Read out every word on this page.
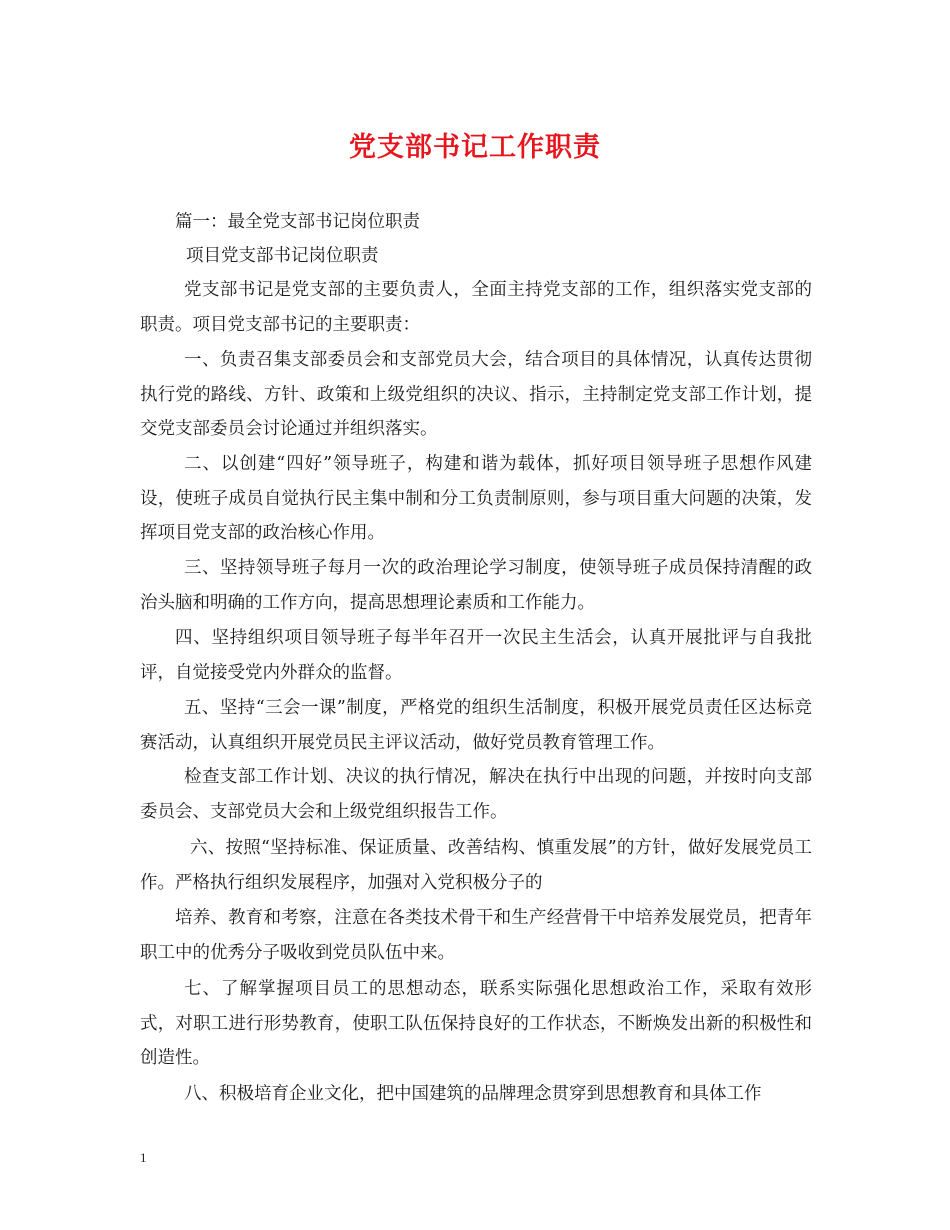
党支部书记工作职责
篇一：最全党支部书记岗位职责
项目党支部书记岗位职责
党支部书记是党支部的主要负责人，全面主持党支部的工作，组织落实党支部的职责。项目党支部书记的主要职责：
一、负责召集支部委员会和支部党员大会，结合项目的具体情况，认真传达贯彻执行党的路线、方针、政策和上级党组织的决议、指示，主持制定党支部工作计划，提交党支部委员会讨论通过并组织落实。
二、以创建“四好”领导班子，构建和谐为载体，抓好项目领导班子思想作风建设，使班子成员自觉执行民主集中制和分工负责制原则，参与项目重大问题的决策，发挥项目党支部的政治核心作用。
三、坚持领导班子每月一次的政治理论学习制度，使领导班子成员保持清醒的政治头脑和明确的工作方向，提高思想理论素质和工作能力。
四、坚持组织项目领导班子每半年召开一次民主生活会，认真开展批评与自我批评，自觉接受党内外群众的监督。
五、坚持“三会一课”制度，严格党的组织生活制度，积极开展党员责任区达标竞赛活动，认真组织开展党员民主评议活动，做好党员教育管理工作。
检查支部工作计划、决议的执行情况，解决在执行中出现的问题，并按时向支部委员会、支部党员大会和上级党组织报告工作。
六、按照“坚持标准、保证质量、改善结构、慎重发展”的方针，做好发展党员工作。严格执行组织发展程序，加强对入党积极分子的
培养、教育和考察，注意在各类技术骨干和生产经营骨干中培养发展党员，把青年职工中的优秀分子吸收到党员队伍中来。
七、了解掌握项目员工的思想动态，联系实际强化思想政治工作，采取有效形式，对职工进行形势教育，使职工队伍保持良好的工作状态，不断焕发出新的积极性和创造性。
八、积极培育企业文化，把中国建筑的品牌理念贯穿到思想教育和具体工作
1
